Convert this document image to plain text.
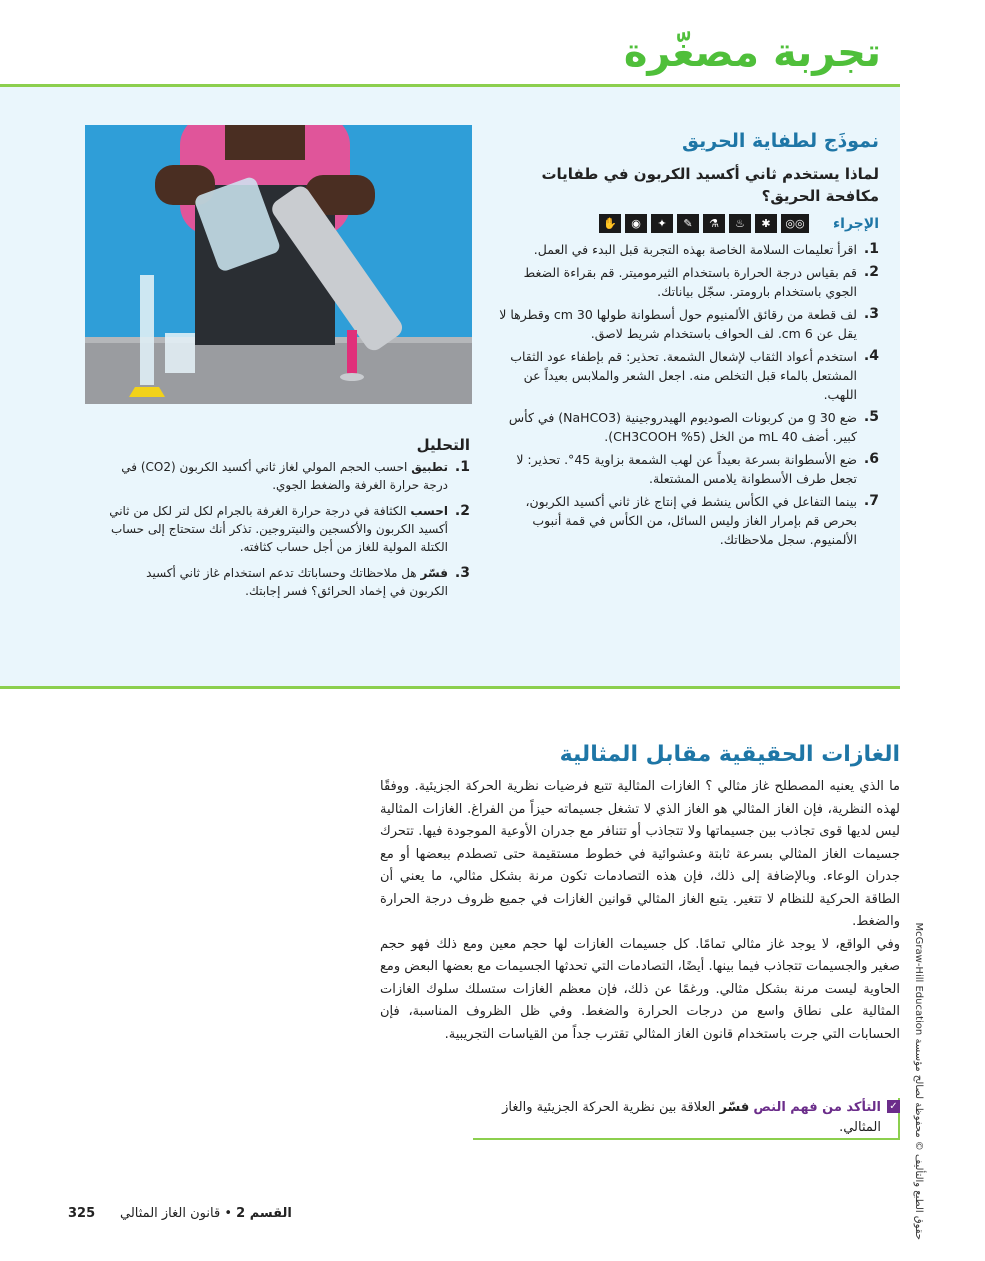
تجربة مصغّرة
نموذَج لطفاية الحريق
لماذا يستخدم ثاني أكسيد الكربون في طفايات مكافحة الحريق؟
الإجراء
✋	◉	✦	✎	⚗	♨	✱	◎◎
1.
اقرأ تعليمات السلامة الخاصة بهذه التجربة قبل البدء في العمل.
2.
قم بقياس درجة الحرارة باستخدام الثيرموميتر. قم بقراءة الضغط الجوي باستخدام بارومتر. سجّل بياناتك.
3.
لف قطعة من رقائق الألمنيوم حول أسطوانة طولها 30 cm وقطرها لا يقل عن 6 cm. لف الحواف باستخدام شريط لاصق.
4.
استخدم أعواد الثقاب لإشعال الشمعة. تحذير: قم بإطفاء عود الثقاب المشتعل بالماء قبل التخلص منه. اجعل الشعر والملابس بعيداً عن اللهب.
5.
ضع 30 g من كربونات الصوديوم الهيدروجينية (NaHCO3) في كأس كبير. أضف 40 mL من الخل (5% CH3COOH).
6.
ضع الأسطوانة بسرعة بعيداً عن لهب الشمعة بزاوية 45°. تحذير: لا تجعل طرف الأسطوانة يلامس المشتعلة.
7.
بينما التفاعل في الكأس ينشط في إنتاج غاز ثاني أكسيد الكربون، بحرص قم بإمرار الغاز وليس السائل، من الكأس في قمة أنبوب الألمنيوم. سجل ملاحظاتك.
التحليل
1.
تطبيق احسب الحجم المولي لغاز ثاني أكسيد الكربون (CO2) في درجة حرارة الغرفة والضغط الجوي.
2.
احسب الكثافة في درجة حرارة الغرفة بالجرام لكل لتر لكل من ثاني أكسيد الكربون والأكسجين والنيتروجين. تذكر أنك ستحتاج إلى حساب الكتلة المولية للغاز من أجل حساب كثافته.
3.
فسّر هل ملاحظاتك وحساباتك تدعم استخدام غاز ثاني أكسيد الكربون في إخماد الحرائق؟ فسر إجابتك.
الغازات الحقيقية مقابل المثالية

ما الذي يعنيه المصطلح غاز مثالي ؟ الغازات المثالية تتبع فرضيات نظرية الحركة الجزيئية. ووفقًا لهذه النظرية، فإن الغاز المثالي هو الغاز الذي لا تشغل جسيماته حيزاً من الفراغ. الغازات المثالية ليس لديها قوى تجاذب بين جسيماتها ولا تتجاذب أو تتنافر مع جدران الأوعية الموجودة فيها. تتحرك جسيمات الغاز المثالي بسرعة ثابتة وعشوائية في خطوط مستقيمة حتى تصطدم ببعضها أو مع جدران الوعاء. وبالإضافة إلى ذلك، فإن هذه التصادمات تكون مرنة بشكل مثالي، ما يعني أن الطاقة الحركية للنظام لا تتغير. يتبع الغاز المثالي قوانين الغازات في جميع ظروف درجة الحرارة والضغط.

وفي الواقع، لا يوجد غاز مثالي تمامًا. كل جسيمات الغازات لها حجم معين ومع ذلك فهو حجم صغير والجسيمات تتجاذب فيما بينها. أيضًا، التصادمات التي تحدثها الجسيمات مع بعضها البعض ومع الحاوية ليست مرنة بشكل مثالي. ورغمًا عن ذلك، فإن معظم الغازات ستسلك سلوك الغازات المثالية على نطاق واسع من درجات الحرارة والضغط. وفي ظل الظروف المناسبة، فإن الحسابات التي جرت باستخدام قانون الغاز المثالي تقترب جداً من القياسات التجريبية.

✓
التأكد من فهم النص فسّر العلاقة بين نظرية الحركة الجزيئية والغاز المثالي.
حقوق الطبع والتأليف © محفوظة لصالح مؤسسة McGraw-Hill Education
325	القسم 2 • قانون الغاز المثالي
